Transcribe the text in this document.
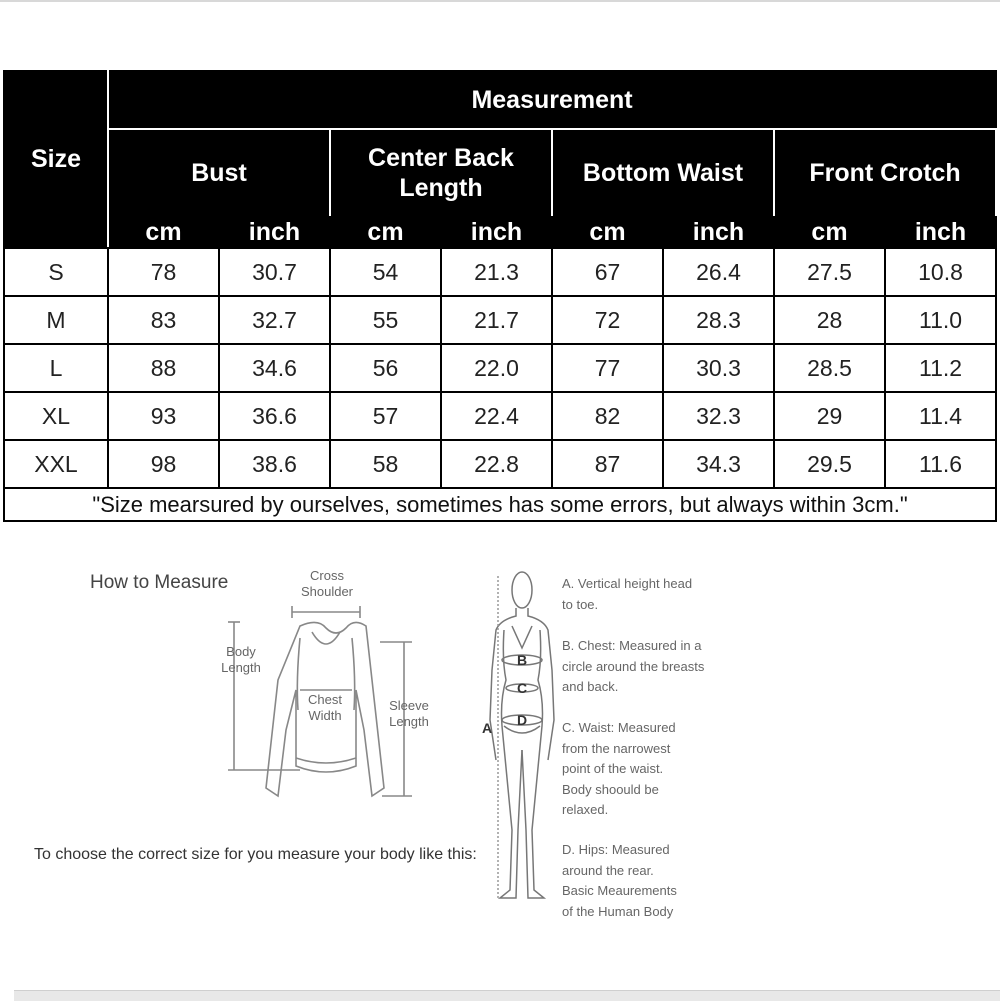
Size	Measurement							
	Bust		Center Back Length		Bottom Waist		Front Crotch	
	cm	inch	cm	inch	cm	inch	cm	inch
S	78	30.7	54	21.3	67	26.4	27.5	10.8
M	83	32.7	55	21.7	72	28.3	28	11.0
L	88	34.6	56	22.0	77	30.3	28.5	11.2
XL	93	36.6	57	22.4	82	32.3	29	11.4
XXL	98	38.6	58	22.8	87	34.3	29.5	11.6
"Size mearsured by ourselves, sometimes has some errors, but always within 3cm."								
How to Measure	Cross Shoulder
Body Length
Chest Width
Sleeve Length
To choose the correct size for you measure your body like this:
A
B
C
D
A. Vertical height head to toe.
B. Chest: Measured in a circle around the breasts and back.
C. Waist: Measured from the narrowest point of the waist. Body shoould be relaxed.
D. Hips: Measured around the rear. Basic Meaurements of the Human Body
